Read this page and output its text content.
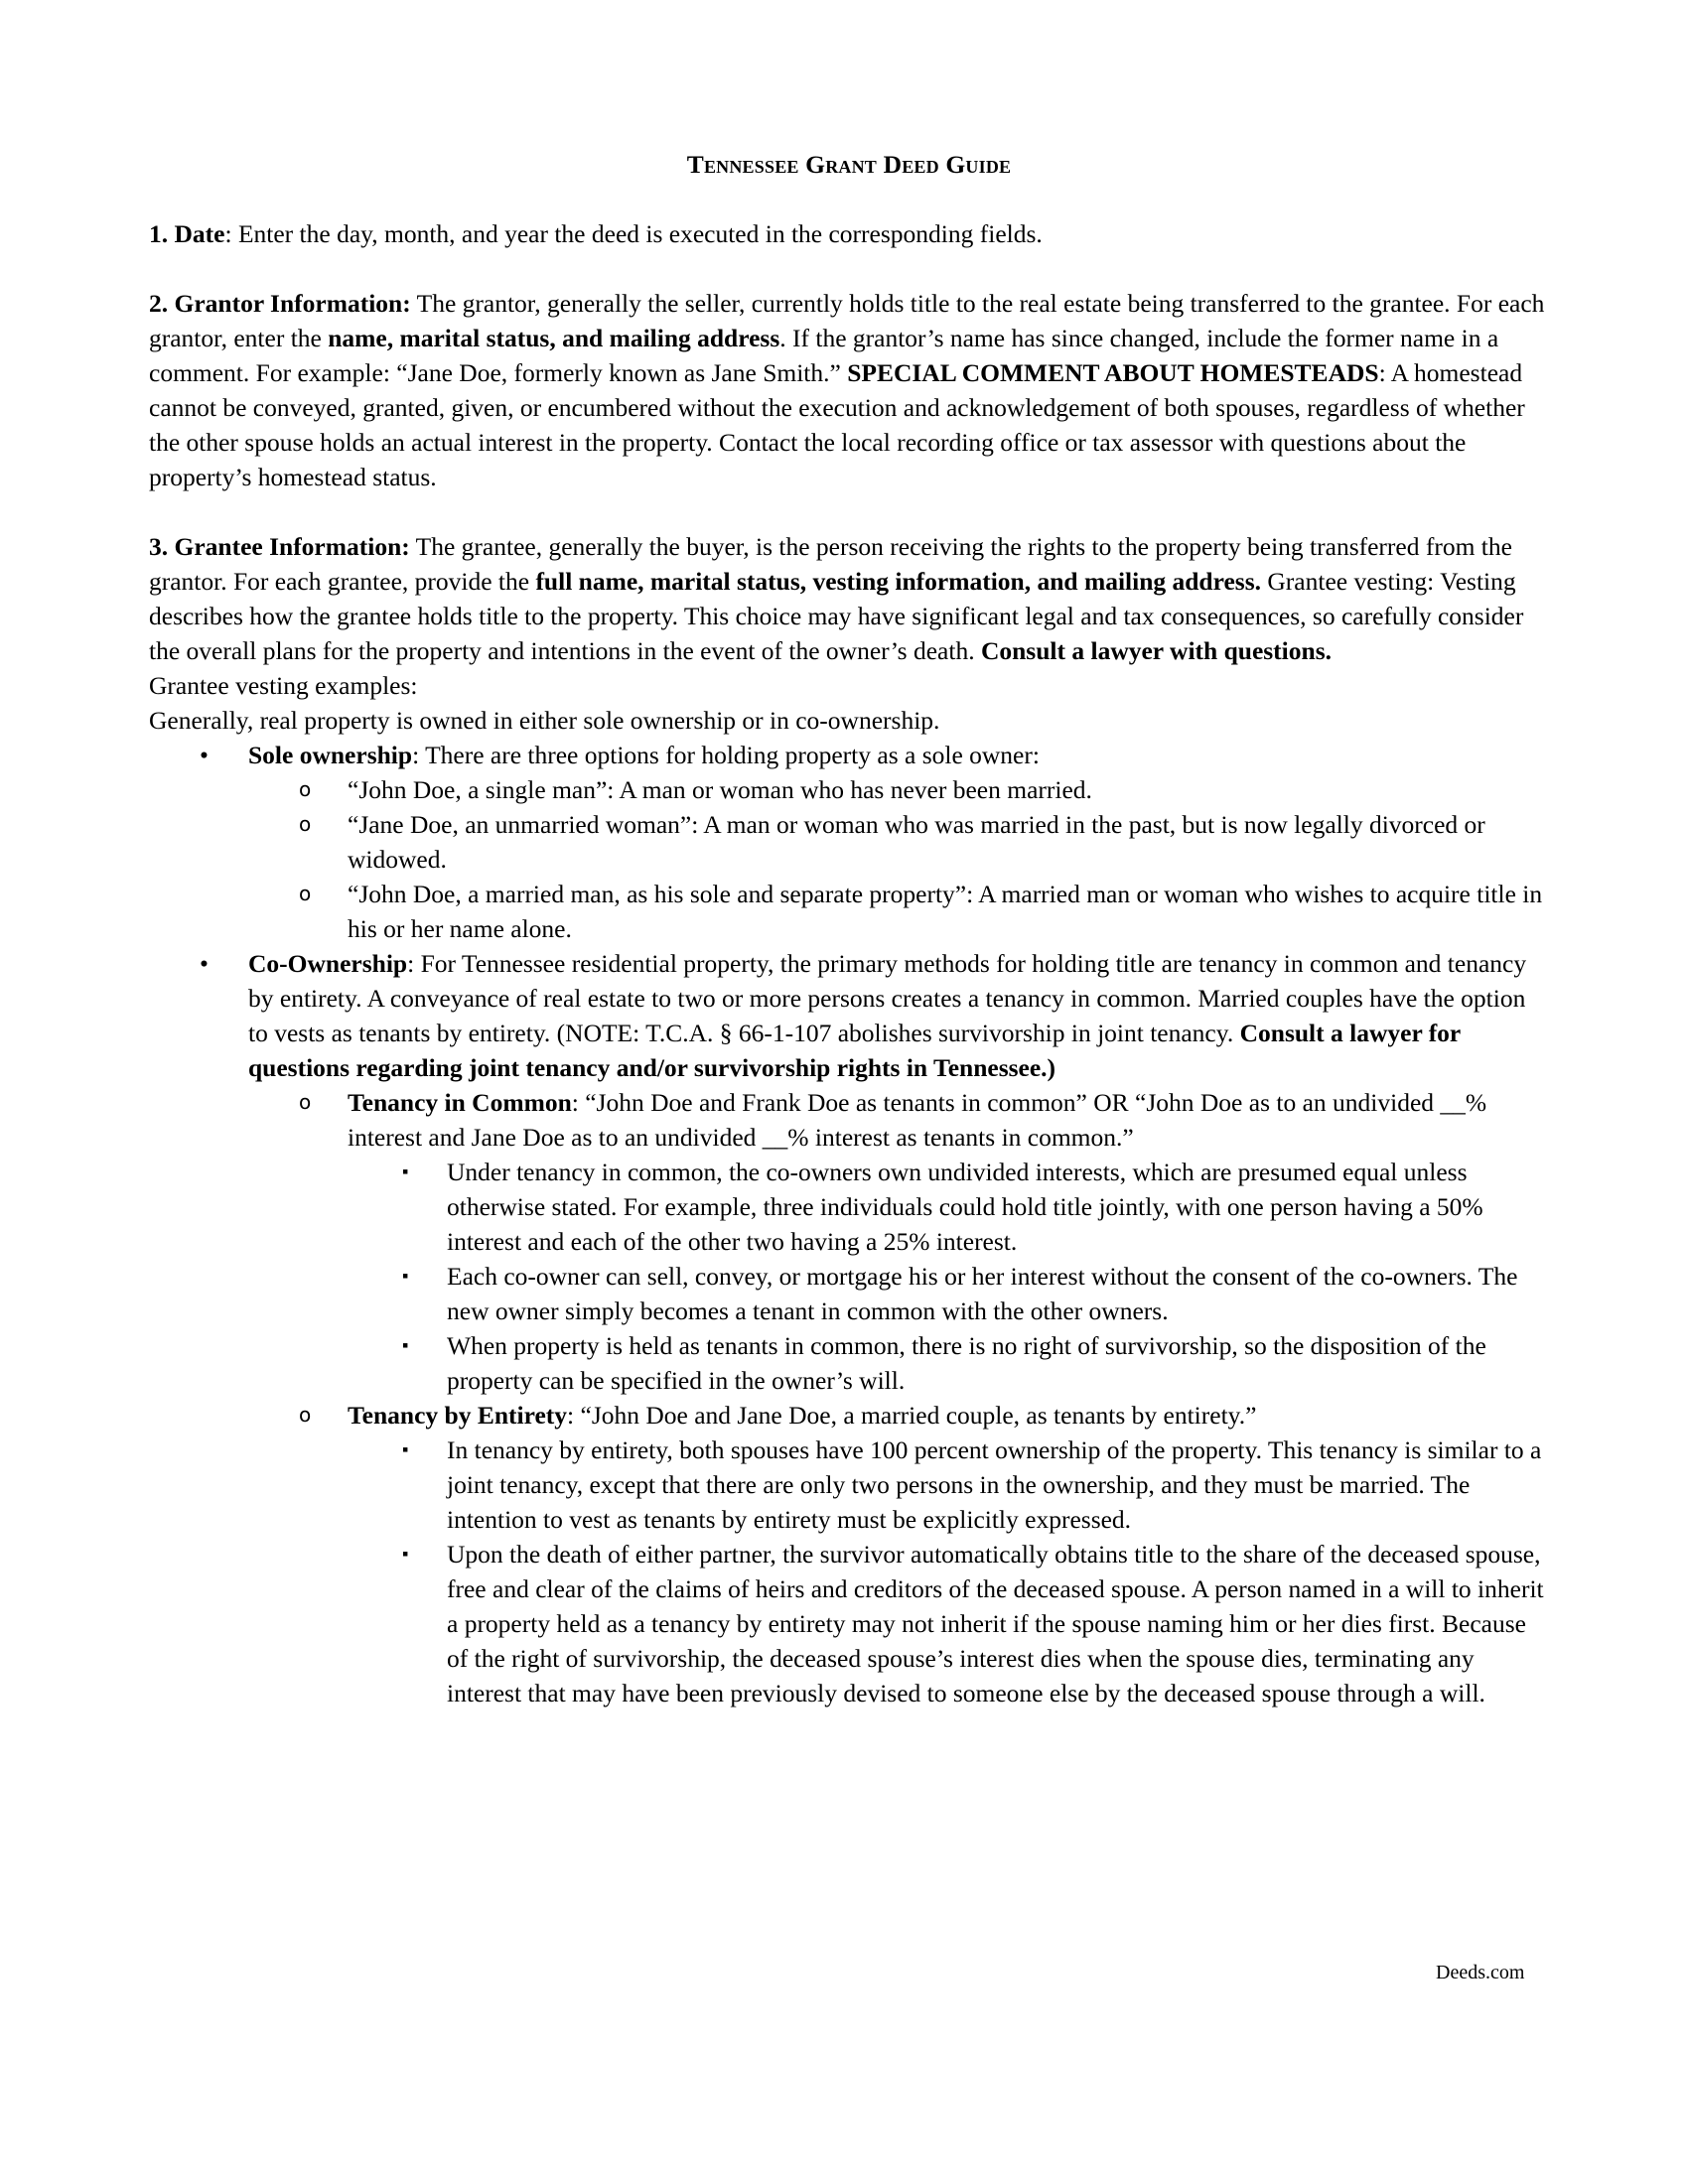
Tennessee Grant Deed Guide

1. Date: Enter the day, month, and year the deed is executed in the corresponding fields.

2. Grantor Information: The grantor, generally the seller, currently holds title to the real estate being transferred to the grantee. For each grantor, enter the name, marital status, and mailing address. If the grantor’s name has since changed, include the former name in a comment. For example: “Jane Doe, formerly known as Jane Smith.” SPECIAL COMMENT ABOUT HOMESTEADS: A homestead cannot be conveyed, granted, given, or encumbered without the execution and acknowledgement of both spouses, regardless of whether the other spouse holds an actual interest in the property. Contact the local recording office or tax assessor with questions about the property’s homestead status.

3. Grantee Information: The grantee, generally the buyer, is the person receiving the rights to the property being transferred from the grantor. For each grantee, provide the full name, marital status, vesting information, and mailing address. Grantee vesting: Vesting describes how the grantee holds title to the property. This choice may have significant legal and tax consequences, so carefully consider the overall plans for the property and intentions in the event of the owner’s death. Consult a lawyer with questions.

Grantee vesting examples:

Generally, real property is owned in either sole ownership or in co-ownership.

• Sole ownership: There are three options for holding property as a sole owner:
o “John Doe, a single man”: A man or woman who has never been married.
o “Jane Doe, an unmarried woman”: A man or woman who was married in the past, but is now legally divorced or widowed.
o “John Doe, a married man, as his sole and separate property”: A married man or woman who wishes to acquire title in his or her name alone.
• Co-Ownership: For Tennessee residential property, the primary methods for holding title are tenancy in common and tenancy by entirety. A conveyance of real estate to two or more persons creates a tenancy in common. Married couples have the option to vests as tenants by entirety. (NOTE: T.C.A. § 66-1-107 abolishes survivorship in joint tenancy. Consult a lawyer for questions regarding joint tenancy and/or survivorship rights in Tennessee.)
o Tenancy in Common: “John Doe and Frank Doe as tenants in common” OR “John Doe as to an undivided __% interest and Jane Doe as to an undivided __% interest as tenants in common.”
▪ Under tenancy in common, the co-owners own undivided interests, which are presumed equal unless otherwise stated. For example, three individuals could hold title jointly, with one person having a 50% interest and each of the other two having a 25% interest.
▪ Each co-owner can sell, convey, or mortgage his or her interest without the consent of the co-owners. The new owner simply becomes a tenant in common with the other owners.
▪ When property is held as tenants in common, there is no right of survivorship, so the disposition of the property can be specified in the owner’s will.
o Tenancy by Entirety: “John Doe and Jane Doe, a married couple, as tenants by entirety.”
▪ In tenancy by entirety, both spouses have 100 percent ownership of the property. This tenancy is similar to a joint tenancy, except that there are only two persons in the ownership, and they must be married. The intention to vest as tenants by entirety must be explicitly expressed.
▪ Upon the death of either partner, the survivor automatically obtains title to the share of the deceased spouse, free and clear of the claims of heirs and creditors of the deceased spouse. A person named in a will to inherit a property held as a tenancy by entirety may not inherit if the spouse naming him or her dies first. Because of the right of survivorship, the deceased spouse’s interest dies when the spouse dies, terminating any interest that may have been previously devised to someone else by the deceased spouse through a will.
Deeds.com
